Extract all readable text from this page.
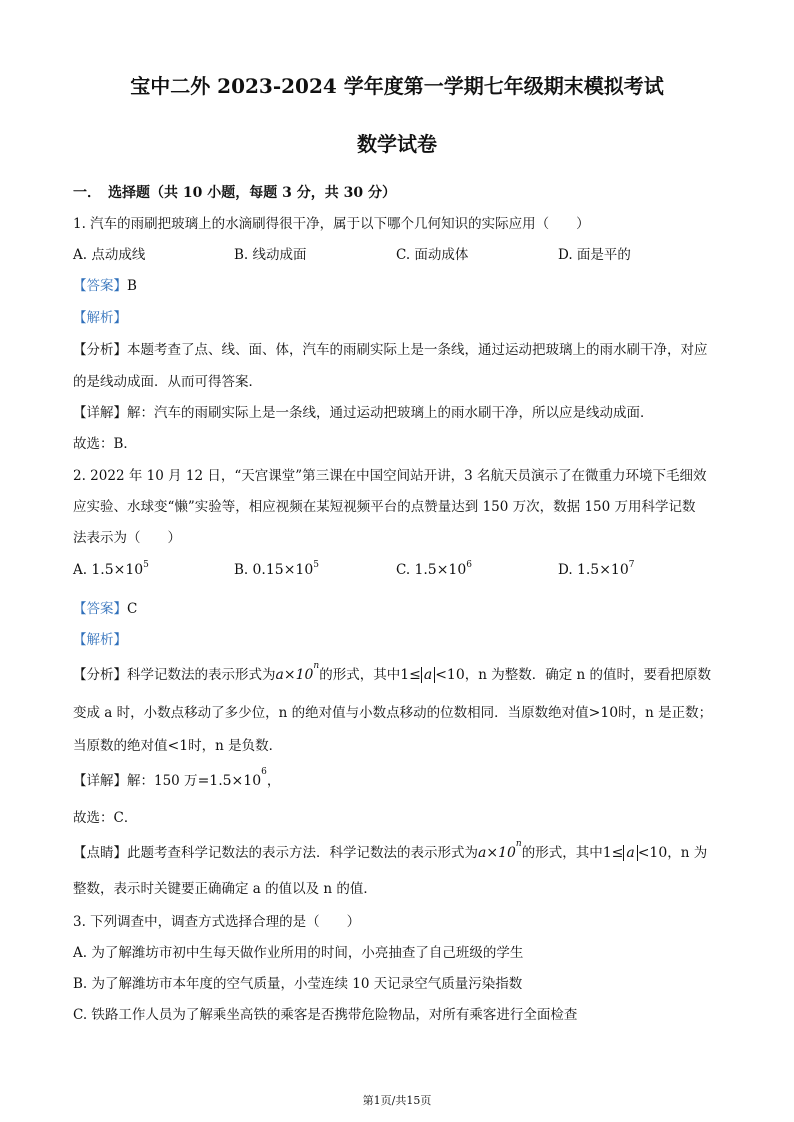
宝中二外 2023-2024 学年度第一学期七年级期末模拟考试
数学试卷
一．　选择题（共 10 小题，每题 3 分，共 30 分）
1. 汽车的雨刷把玻璃上的水滴刷得很干净，属于以下哪个几何知识的实际应用（　　）
A. 点动成线	B. 线动成面	C. 面动成体	D. 面是平的
【答案】B
【解析】
【分析】本题考查了点、线、面、体，汽车的雨刷实际上是一条线，通过运动把玻璃上的雨水刷干净，对应
的是线动成面．从而可得答案．
【详解】解：汽车的雨刷实际上是一条线，通过运动把玻璃上的雨水刷干净，所以应是线动成面．
故选：B．
2. 2022 年 10 月 12 日，“天宫课堂”第三课在中国空间站开讲，3 名航天员演示了在微重力环境下毛细效
应实验、水球变“懒”实验等，相应视频在某短视频平台的点赞量达到 150 万次，数据 150 万用科学记数
法表示为（　　）
A. $1.5\times 10^5$	B. $0.15\times 10^5$	C. $1.5\times 10^6$	D. $1.5\times 10^7$
【答案】C
【解析】
【分析】科学记数法的表示形式为$a\times 10^n$的形式，其中1≤ a <10，n 为整数．确定 n 的值时，要看把原数
变成 a 时，小数点移动了多少位，n 的绝对值与小数点移动的位数相同．当原数绝对值>10时，n 是正数；
当原数的绝对值<1时，n 是负数．
【详解】解：150 万$=1.5\times 10^6$，
故选：C．
【点睛】此题考查科学记数法的表示方法．科学记数法的表示形式为$a\times 10^n$的形式，其中1≤ a <10，n 为
整数，表示时关键要正确确定 a 的值以及 n 的值．
3. 下列调查中，调查方式选择合理的是（　　）
A. 为了解潍坊市初中生每天做作业所用的时间，小亮抽查了自己班级的学生
B. 为了解潍坊市本年度的空气质量，小莹连续 10 天记录空气质量污染指数
C. 铁路工作人员为了解乘坐高铁的乘客是否携带危险物品，对所有乘客进行全面检查
第1页/共15页
